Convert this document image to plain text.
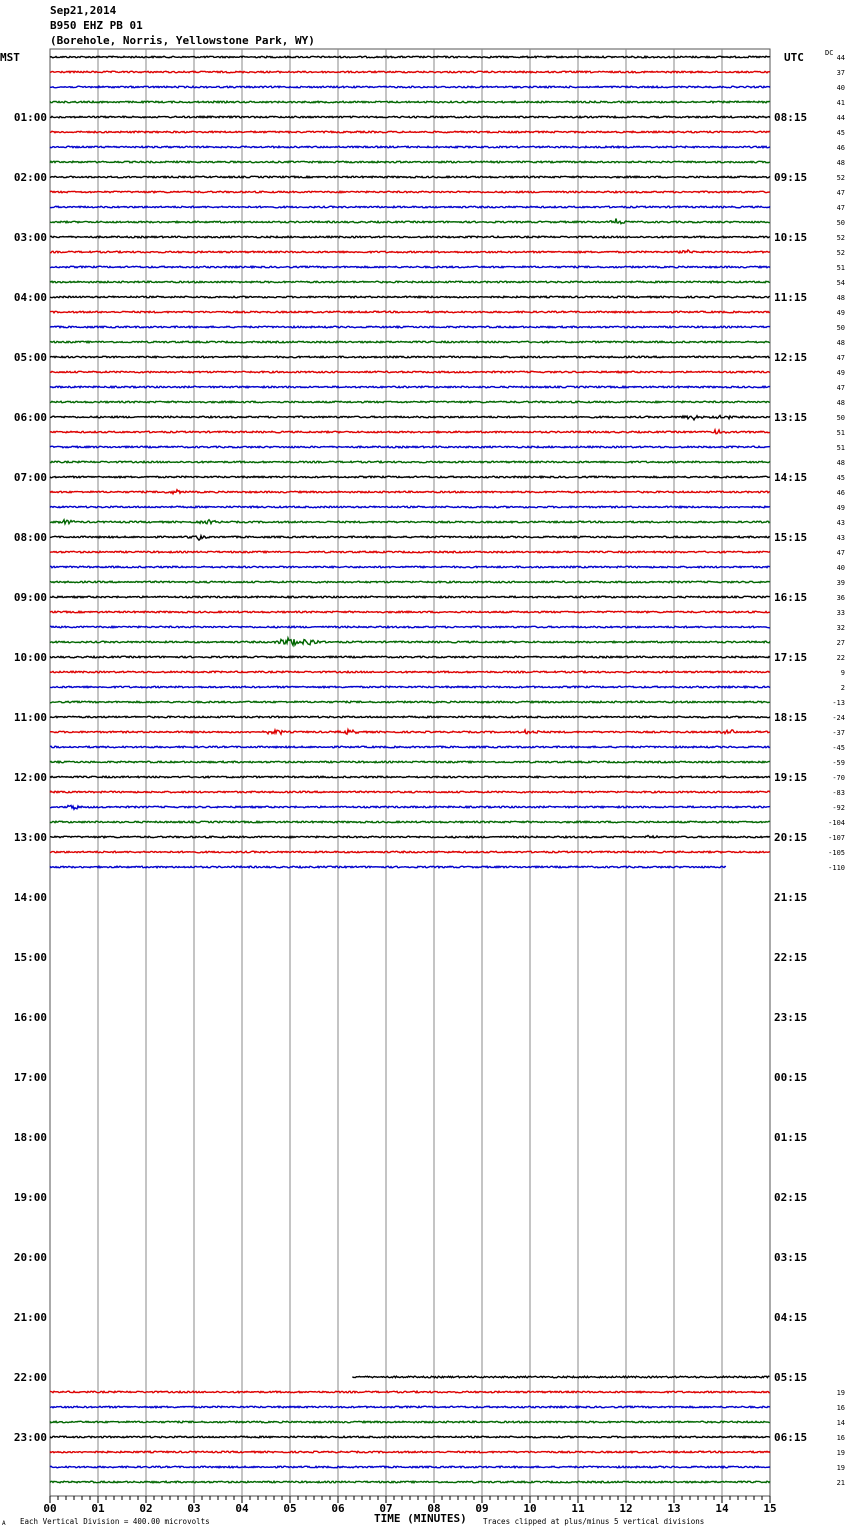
Sep21,2014
B950 EHZ PB 01
(Borehole, Norris, Yellowstone Park, WY)
01:00
02:00
03:00
04:00
05:00
06:00
07:00
08:00
09:00
10:00
11:00
12:00
13:00
14:00
15:00
16:00
17:00
18:00
19:00
20:00
21:00
22:00
23:00
08:15
09:15
10:15
11:15
12:15
13:15
14:15
15:15
16:15
17:15
18:15
19:15
20:15
21:15
22:15
23:15
00:15
01:15
02:15
03:15
04:15
05:15
06:15
44
37
40
41
44
45
46
48
52
47
47
50
52
52
51
54
48
49
50
48
47
49
47
48
50
51
51
48
45
46
49
43
43
47
40
39
36
33
32
27
22
9
2
-13
-24
-37
-45
-59
-70
-83
-92
-104
-107
-105
-110
19
16
14
16
19
19
21
00	01	02	03	04	05	06	07	08	09	10	11	12	13	14	15
MST	UTC	DC
TIME (MINUTES)
Each Vertical Division = 400.00 microvolts	Traces clipped at plus/minus 5 vertical divisions
A
